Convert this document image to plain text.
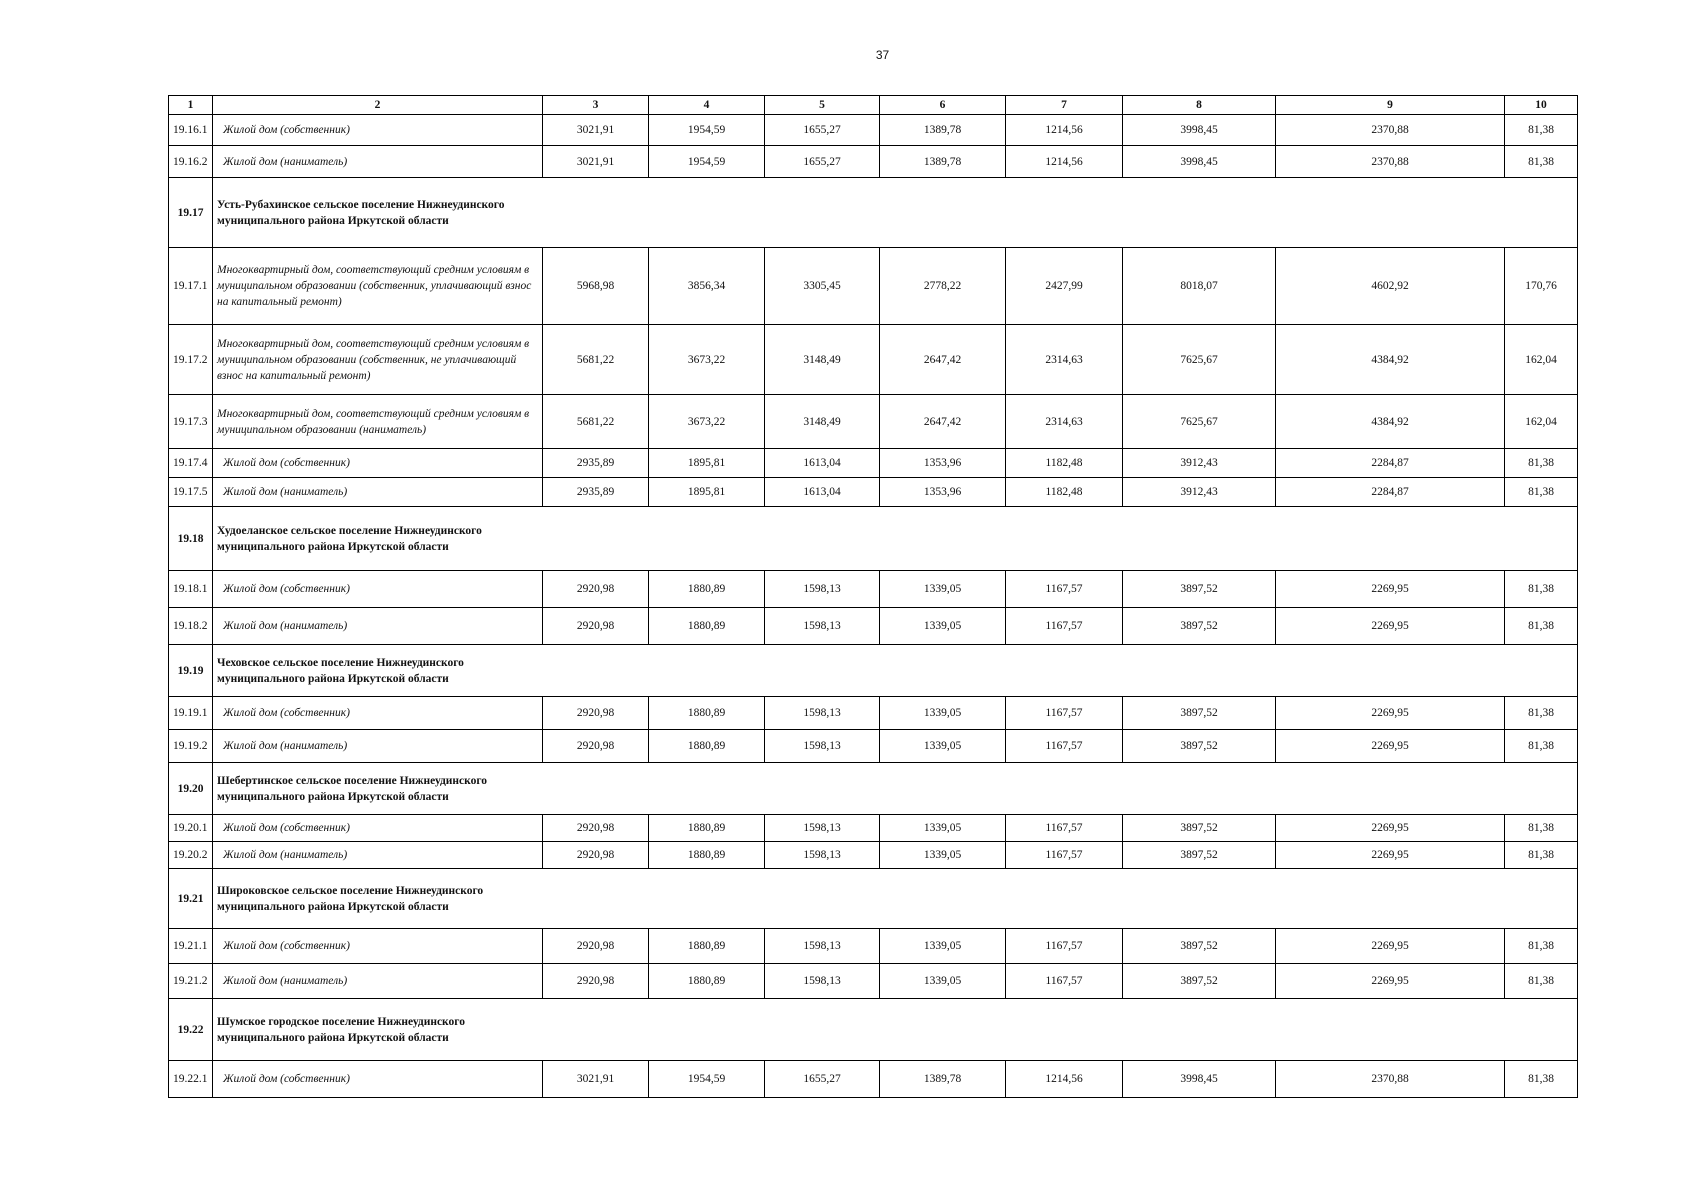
37
1	2	3	4	5	6	7	8	9	10
19.16.1	Жилой дом (собственник)	3021,91	1954,59	1655,27	1389,78	1214,56	3998,45	2370,88	81,38
19.16.2	Жилой дом (наниматель)	3021,91	1954,59	1655,27	1389,78	1214,56	3998,45	2370,88	81,38
19.17	Усть-Рубахинское сельское поселение Нижнеудинского муниципального района Иркутской области								

19.17.1	Многоквартирный дом, соответствующий средним условиям в муниципальном образовании (собственник, уплачивающий взнос на капитальный ремонт)	5968,98	3856,34	3305,45	2778,22	2427,99	8018,07	4602,92	170,76
19.17.2	Многоквартирный дом, соответствующий средним условиям в муниципальном образовании (собственник, не уплачивающий взнос на капитальный ремонт)	5681,22	3673,22	3148,49	2647,42	2314,63	7625,67	4384,92	162,04
19.17.3	Многоквартирный дом, соответствующий средним условиям в муниципальном образовании (наниматель)	5681,22	3673,22	3148,49	2647,42	2314,63	7625,67	4384,92	162,04
19.17.4	Жилой дом (собственник)	2935,89	1895,81	1613,04	1353,96	1182,48	3912,43	2284,87	81,38
19.17.5	Жилой дом (наниматель)	2935,89	1895,81	1613,04	1353,96	1182,48	3912,43	2284,87	81,38
19.18	Худоеланское сельское поселение Нижнеудинского муниципального района Иркутской области								

19.18.1	Жилой дом (собственник)	2920,98	1880,89	1598,13	1339,05	1167,57	3897,52	2269,95	81,38
19.18.2	Жилой дом (наниматель)	2920,98	1880,89	1598,13	1339,05	1167,57	3897,52	2269,95	81,38
19.19	Чеховское сельское поселение Нижнеудинского муниципального района Иркутской области								

19.19.1	Жилой дом (собственник)	2920,98	1880,89	1598,13	1339,05	1167,57	3897,52	2269,95	81,38
19.19.2	Жилой дом (наниматель)	2920,98	1880,89	1598,13	1339,05	1167,57	3897,52	2269,95	81,38
19.20	Шебертинское сельское поселение Нижнеудинского муниципального района Иркутской области								

19.20.1	Жилой дом (собственник)	2920,98	1880,89	1598,13	1339,05	1167,57	3897,52	2269,95	81,38
19.20.2	Жилой дом (наниматель)	2920,98	1880,89	1598,13	1339,05	1167,57	3897,52	2269,95	81,38
19.21	Широковское сельское поселение Нижнеудинского муниципального района Иркутской области								

19.21.1	Жилой дом (собственник)	2920,98	1880,89	1598,13	1339,05	1167,57	3897,52	2269,95	81,38
19.21.2	Жилой дом (наниматель)	2920,98	1880,89	1598,13	1339,05	1167,57	3897,52	2269,95	81,38
19.22	Шумское городское поселение Нижнеудинского муниципального района Иркутской области								

19.22.1	Жилой дом (собственник)	3021,91	1954,59	1655,27	1389,78	1214,56	3998,45	2370,88	81,38
